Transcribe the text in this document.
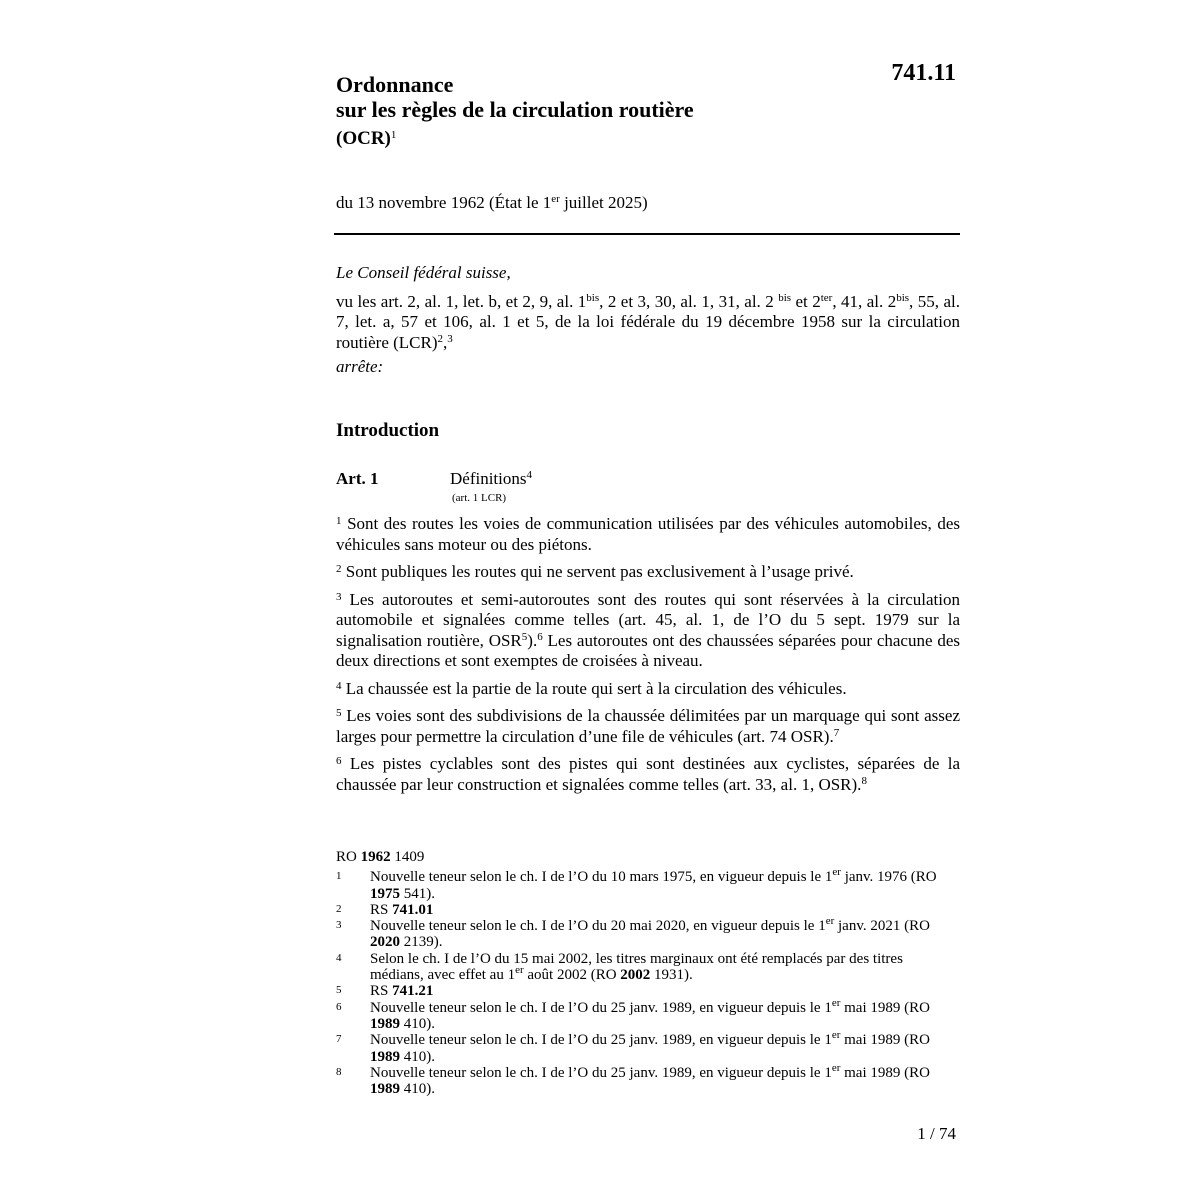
741.11
Ordonnance
sur les règles de la circulation routière
(OCR)$^1$
du 13 novembre 1962 (État le 1er juillet 2025)
Le Conseil fédéral suisse,
vu les art. 2, al. 1, let. b, et 2, 9, al. $1^{bis}$, 2 et 3, 30, al. 1, 31, al. 2 $^{bis}$ et $2^{ter}$, 41, al. $2^{bis}$, 55, al. 7, let. a, 57 et 106, al. 1 et 5, de la loi fédérale du 19 décembre 1958 sur la circulation routière (LCR)$^2$,$^3$
arrête:
Introduction
Art. 1	Définitions$^4$
(art. 1 LCR)

$^1$ Sont des routes les voies de communication utilisées par des véhicules automobiles, des véhicules sans moteur ou des piétons.

$^2$ Sont publiques les routes qui ne servent pas exclusivement à l’usage privé.

$^3$ Les autoroutes et semi-autoroutes sont des routes qui sont réservées à la circulation automobile et signalées comme telles (art. 45, al. 1, de l’O du 5 sept. 1979 sur la signalisation routière, OSR$^5$).$^6$ Les autoroutes ont des chaussées séparées pour chacune des deux directions et sont exemptes de croisées à niveau.

$^4$ La chaussée est la partie de la route qui sert à la circulation des véhicules.

$^5$ Les voies sont des subdivisions de la chaussée délimitées par un marquage qui sont assez larges pour permettre la circulation d’une file de véhicules (art. 74 OSR).$^7$

$^6$ Les pistes cyclables sont des pistes qui sont destinées aux cyclistes, séparées de la chaussée par leur construction et signalées comme telles (art. 33, al. 1, OSR).$^8$

RO 1962 1409
1 Nouvelle teneur selon le ch. I de l’O du 10 mars 1975, en vigueur depuis le 1er janv. 1976 (RO 1975 541).
2 RS 741.01
3 Nouvelle teneur selon le ch. I de l’O du 20 mai 2020, en vigueur depuis le 1er janv. 2021 (RO 2020 2139).
4 Selon le ch. I de l’O du 15 mai 2002, les titres marginaux ont été remplacés par des titres médians, avec effet au 1er août 2002 (RO 2002 1931).
5 RS 741.21
6 Nouvelle teneur selon le ch. I de l’O du 25 janv. 1989, en vigueur depuis le 1er mai 1989 (RO 1989 410).
7 Nouvelle teneur selon le ch. I de l’O du 25 janv. 1989, en vigueur depuis le 1er mai 1989 (RO 1989 410).
8 Nouvelle teneur selon le ch. I de l’O du 25 janv. 1989, en vigueur depuis le 1er mai 1989 (RO 1989 410).
1 / 74
